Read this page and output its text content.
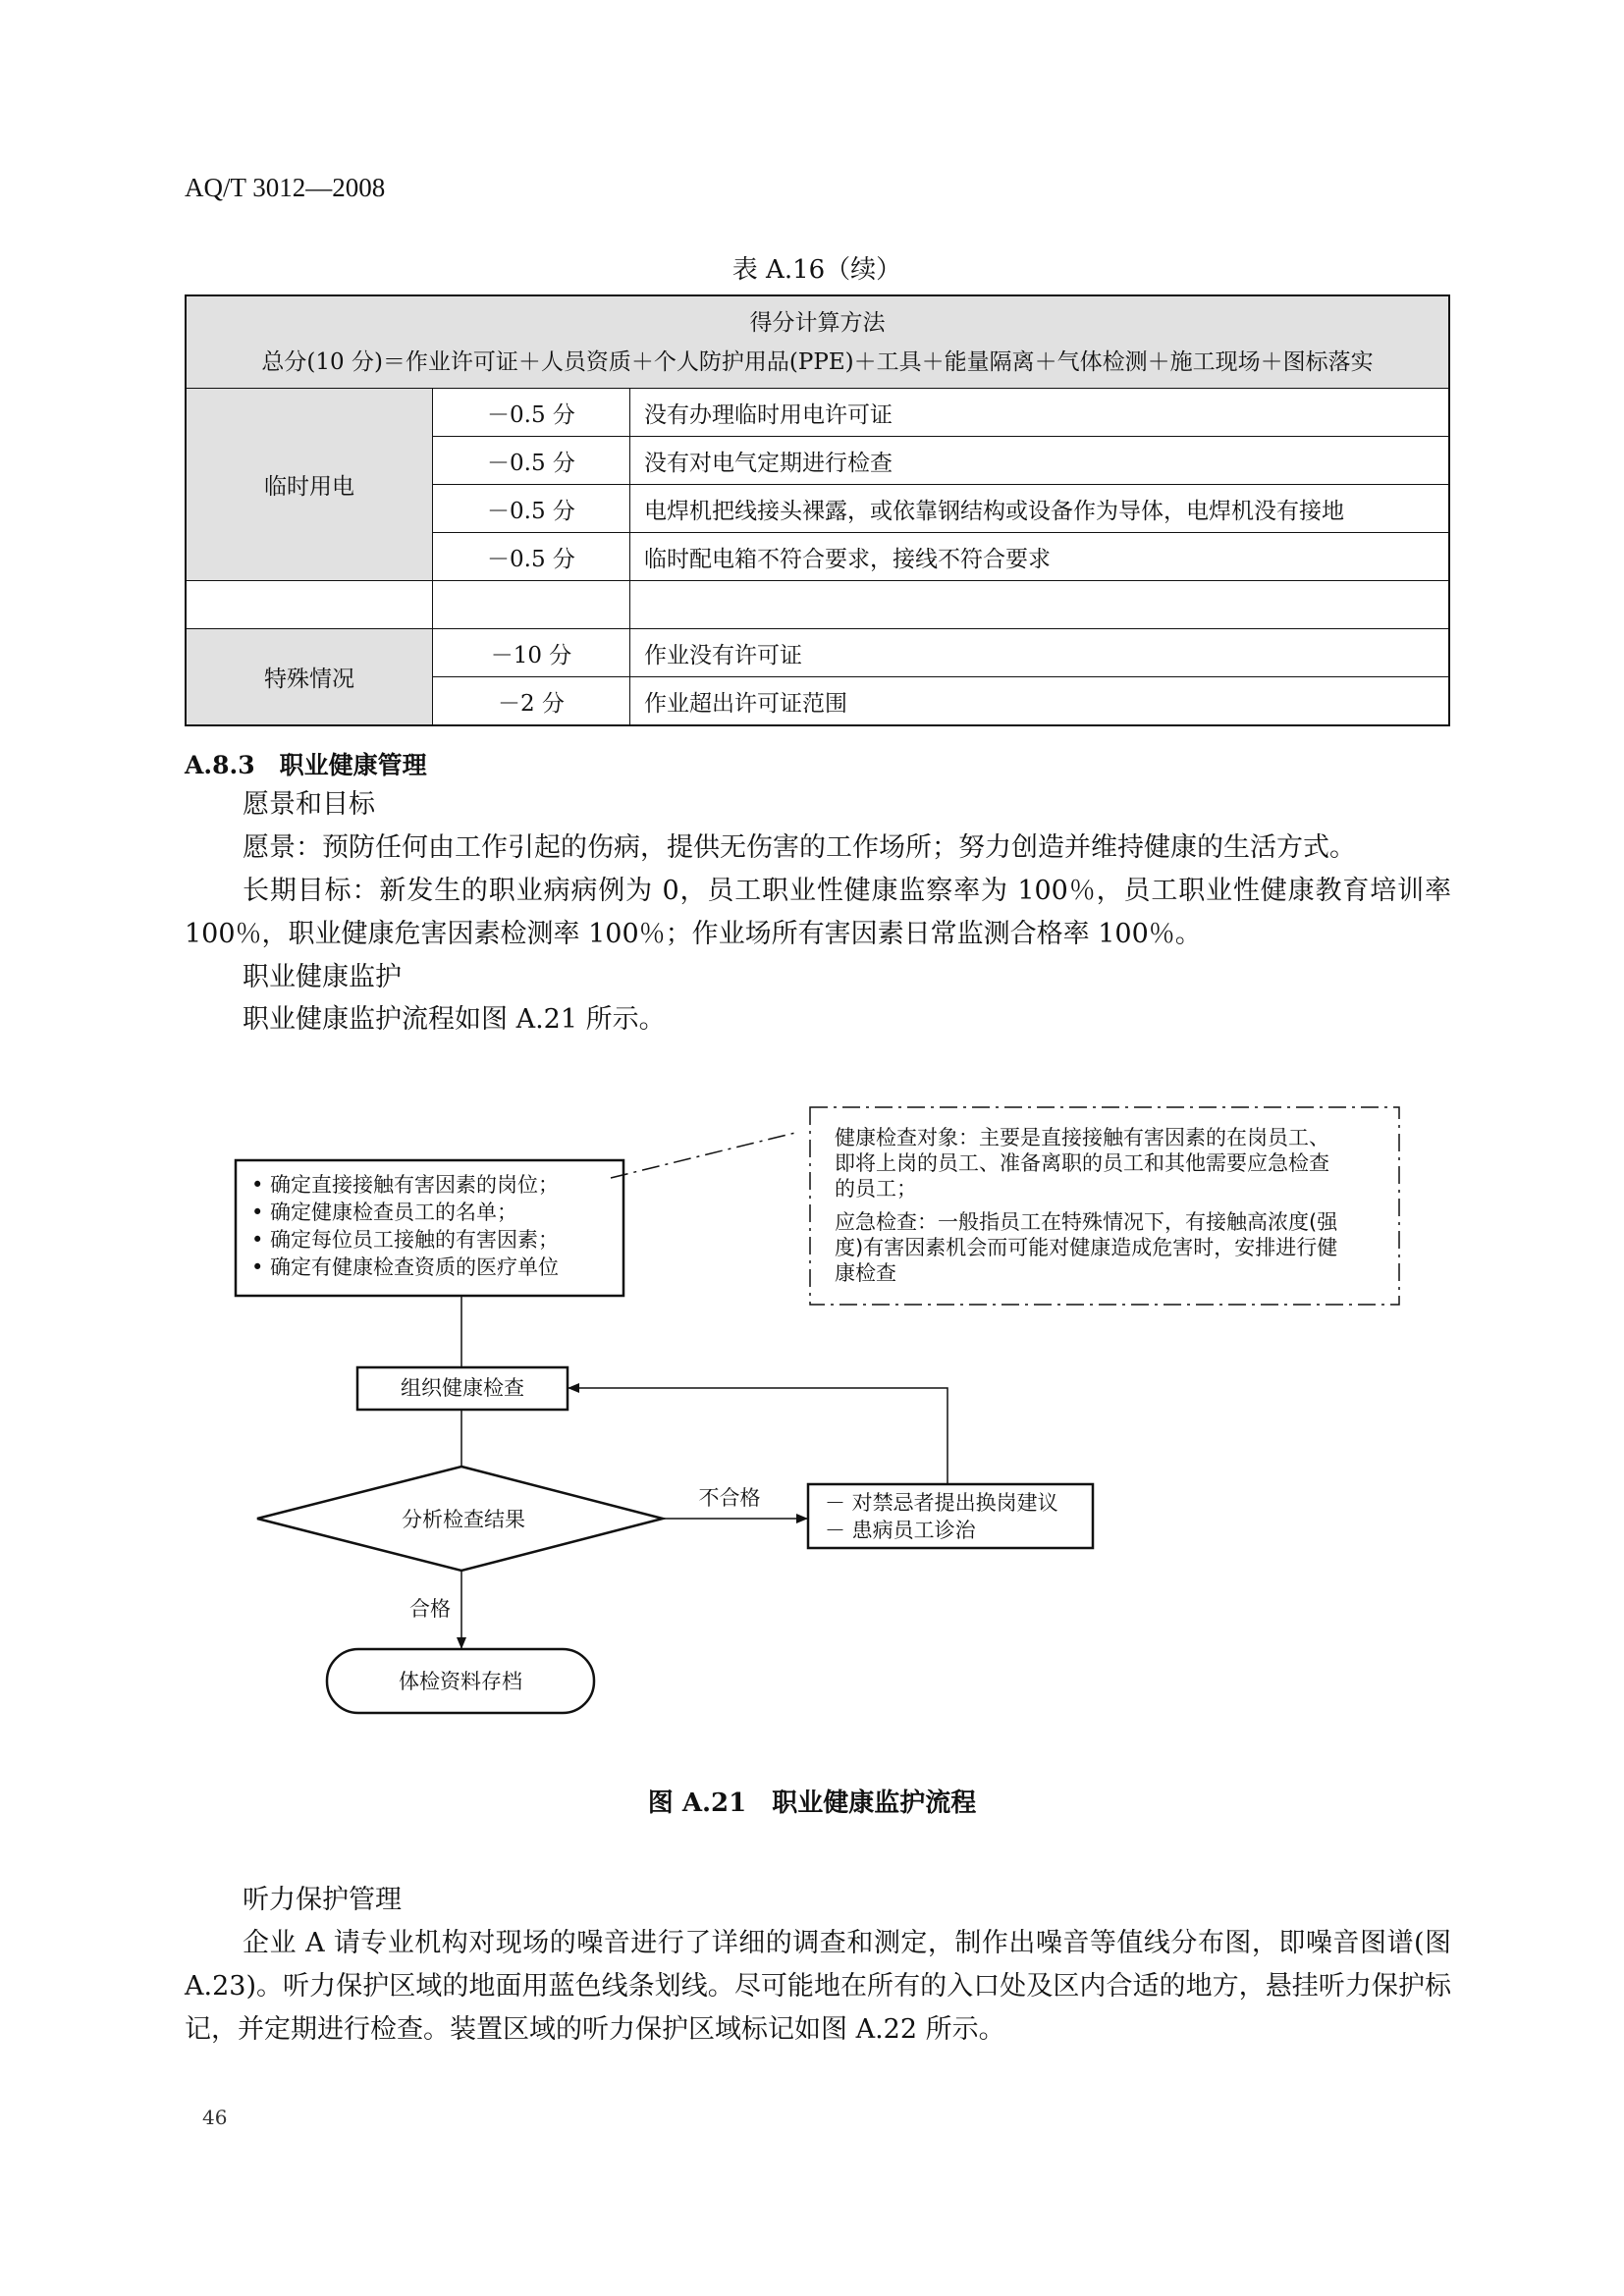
AQ/T 3012—2008
表 A.16（续）
得分计算方法
总分(10 分)＝作业许可证＋人员资质＋个人防护用品(PPE)＋工具＋能量隔离＋气体检测＋施工现场＋图标落实		

临时用电	－0.5 分	没有办理临时用电许可证
	－0.5 分	没有对电气定期进行检查
	－0.5 分	电焊机把线接头裸露，或依靠钢结构或设备作为导体，电焊机没有接地
	－0.5 分	临时配电箱不符合要求，接线不符合要求

特殊情况	－10 分	作业没有许可证
	－2 分	作业超出许可证范围
A.8.3　 职业健康管理
愿景和目标
愿景：预防任何由工作引起的伤病，提供无伤害的工作场所；努力创造并维持健康的生活方式。
长期目标：新发生的职业病病例为 0，员工职业性健康监察率为 100％，员工职业性健康教育培训率 100％，职业健康危害因素检测率 100％；作业场所有害因素日常监测合格率 100％。
职业健康监护
职业健康监护流程如图 A.21 所示。
• 确定直接接触有害因素的岗位；
• 确定健康检查员工的名单；
• 确定每位员工接触的有害因素；
• 确定有健康检查资质的医疗单位
健康检查对象：主要是直接接触有害因素的在岗员工、
即将上岗的员工、准备离职的员工和其他需要应急检查
的员工；
应急检查：一般指员工在特殊情况下，有接触高浓度(强
度)有害因素机会而可能对健康造成危害时，安排进行健
康检查
组织健康检查
分析检查结果
不合格	－ 对禁忌者提出换岗建议
－ 患病员工诊治
合格
体检资料存档
图 A.21　职业健康监护流程
听力保护管理
企业 A 请专业机构对现场的噪音进行了详细的调查和测定，制作出噪音等值线分布图，即噪音图谱(图 A.23)。听力保护区域的地面用蓝色线条划线。尽可能地在所有的入口处及区内合适的地方，悬挂听力保护标记，并定期进行检查。装置区域的听力保护区域标记如图 A.22 所示。
46
